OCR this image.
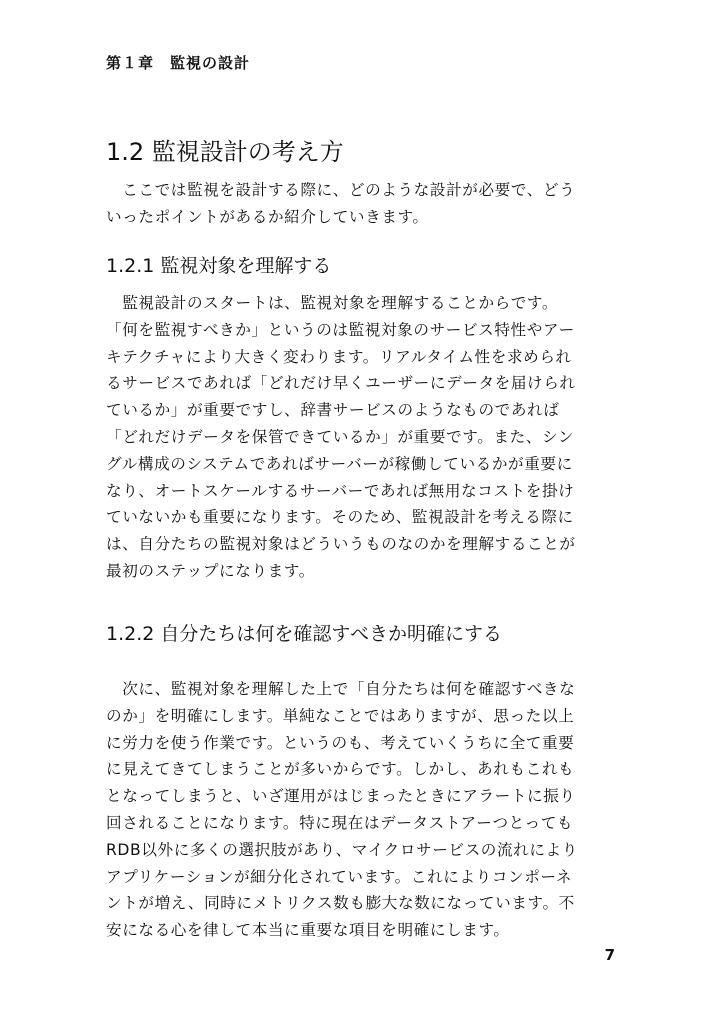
第１章　監視の設計
1.2 監視設計の考え方

　ここでは監視を設計する際に、どのような設計が必要で、どう
いったポイントがあるか紹介していきます。

1.2.1 監視対象を理解する

　監視設計のスタートは、監視対象を理解することからです。
「何を監視すべきか」というのは監視対象のサービス特性やアー
キテクチャにより大きく変わります。リアルタイム性を求められ
るサービスであれば「どれだけ早くユーザーにデータを届けられ
ているか」が重要ですし、辞書サービスのようなものであれば
「どれだけデータを保管できているか」が重要です。また、シン
グル構成のシステムであればサーバーが稼働しているかが重要に
なり、オートスケールするサーバーであれば無用なコストを掛け
ていないかも重要になります。そのため、監視設計を考える際に
は、自分たちの監視対象はどういうものなのかを理解することが
最初のステップになります。

1.2.2 自分たちは何を確認すべきか明確にする

　次に、監視対象を理解した上で「自分たちは何を確認すべきな
のか」を明確にします。単純なことではありますが、思った以上
に労力を使う作業です。というのも、考えていくうちに全て重要
に見えてきてしまうことが多いからです。しかし、あれもこれも
となってしまうと、いざ運用がはじまったときにアラートに振り
回されることになります。特に現在はデータストアーつとっても
RDB以外に多くの選択肢があり、マイクロサービスの流れにより
アプリケーションが細分化されています。これによりコンポーネ
ントが増え、同時にメトリクス数も膨大な数になっています。不
安になる心を律して本当に重要な項目を明確にします。

7
